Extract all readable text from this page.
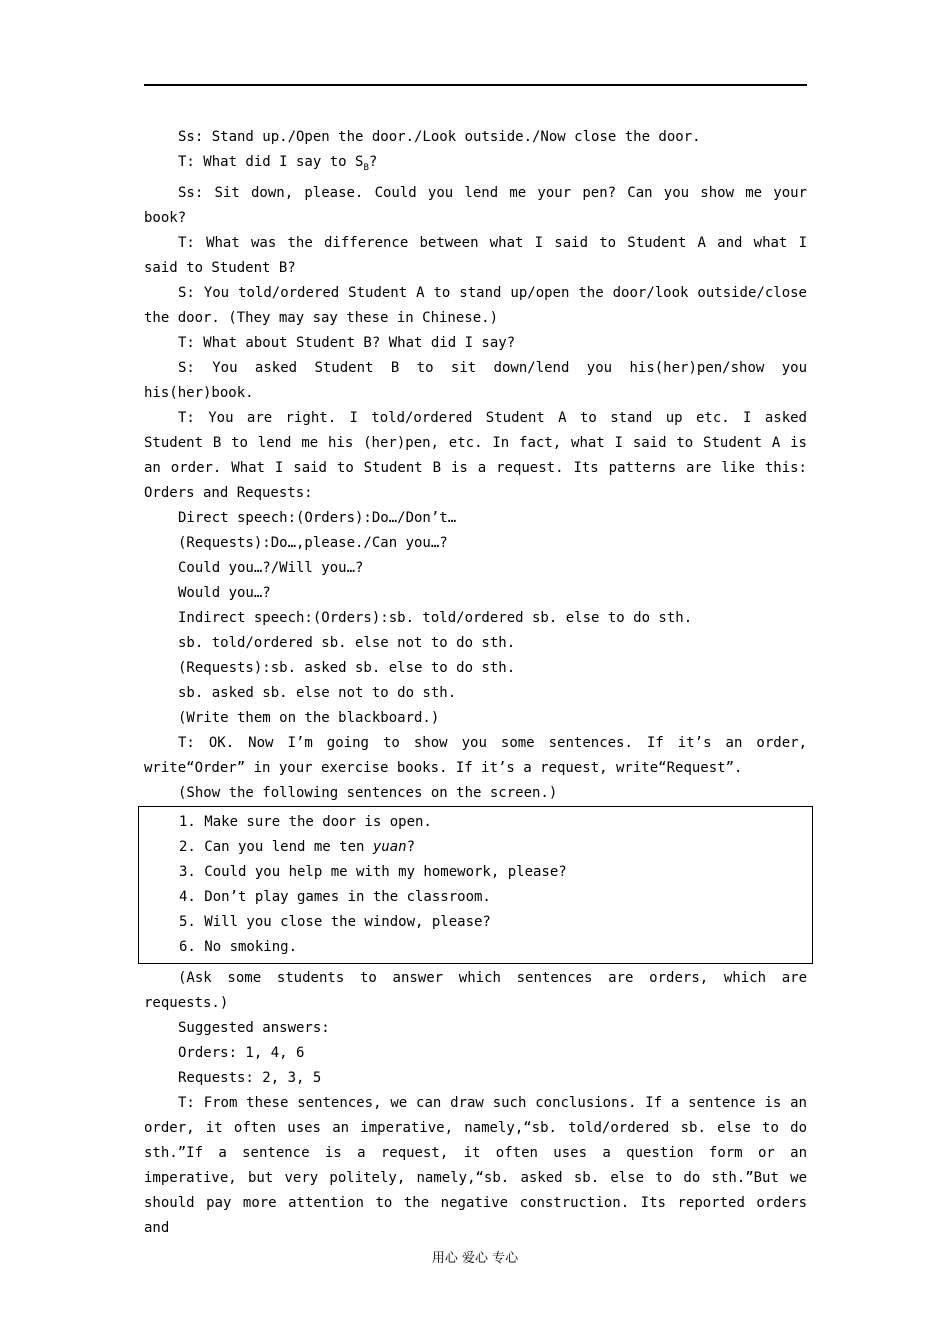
Ss: Stand up./Open the door./Look outside./Now close the door.

T: What did I say to $S_B$?

Ss: Sit down, please. Could you lend me your pen? Can you show me your book?

T: What was the difference between what I said to Student A and what I said to Student B?

S: You told/ordered Student A to stand up/open the door/look outside/close the door. (They may say these in Chinese.)

T: What about Student B? What did I say?

S: You asked Student B to sit down/lend you his(her)pen/show you his(her)book.

T: You are right. I told/ordered Student A to stand up etc. I asked Student B to lend me his (her)pen, etc. In fact, what I said to Student A is an order. What I said to Student B is a request. Its patterns are like this: Orders and Requests:

Direct speech:(Orders):Do…/Don’t…

(Requests):Do…,please./Can you…?

Could you…?/Will you…?

Would you…?

Indirect speech:(Orders):sb. told/ordered sb. else to do sth.

sb. told/ordered sb. else not to do sth.

(Requests):sb. asked sb. else to do sth.

sb. asked sb. else not to do sth.

(Write them on the blackboard.)

T: OK. Now I’m going to show you some sentences. If it’s an order, write“Order” in your exercise books. If it’s a request, write“Request”.

(Show the following sentences on the screen.)

1. Make sure the door is open.

2. Can you lend me ten yuan?

3. Could you help me with my homework, please?

4. Don’t play games in the classroom.

5. Will you close the window, please?

6. No smoking.

(Ask some students to answer which sentences are orders, which are requests.)

Suggested answers:

Orders: 1, 4, 6

Requests: 2, 3, 5

T: From these sentences, we can draw such conclusions. If a sentence is an order, it often uses an imperative, namely,“sb. told/ordered sb. else to do sth.”If a sentence is a request, it often uses a question form or an imperative, but very politely, namely,“sb. asked sb. else to do sth.”But we should pay more attention to the negative construction. Its reported orders and

用心 爱心 专心
